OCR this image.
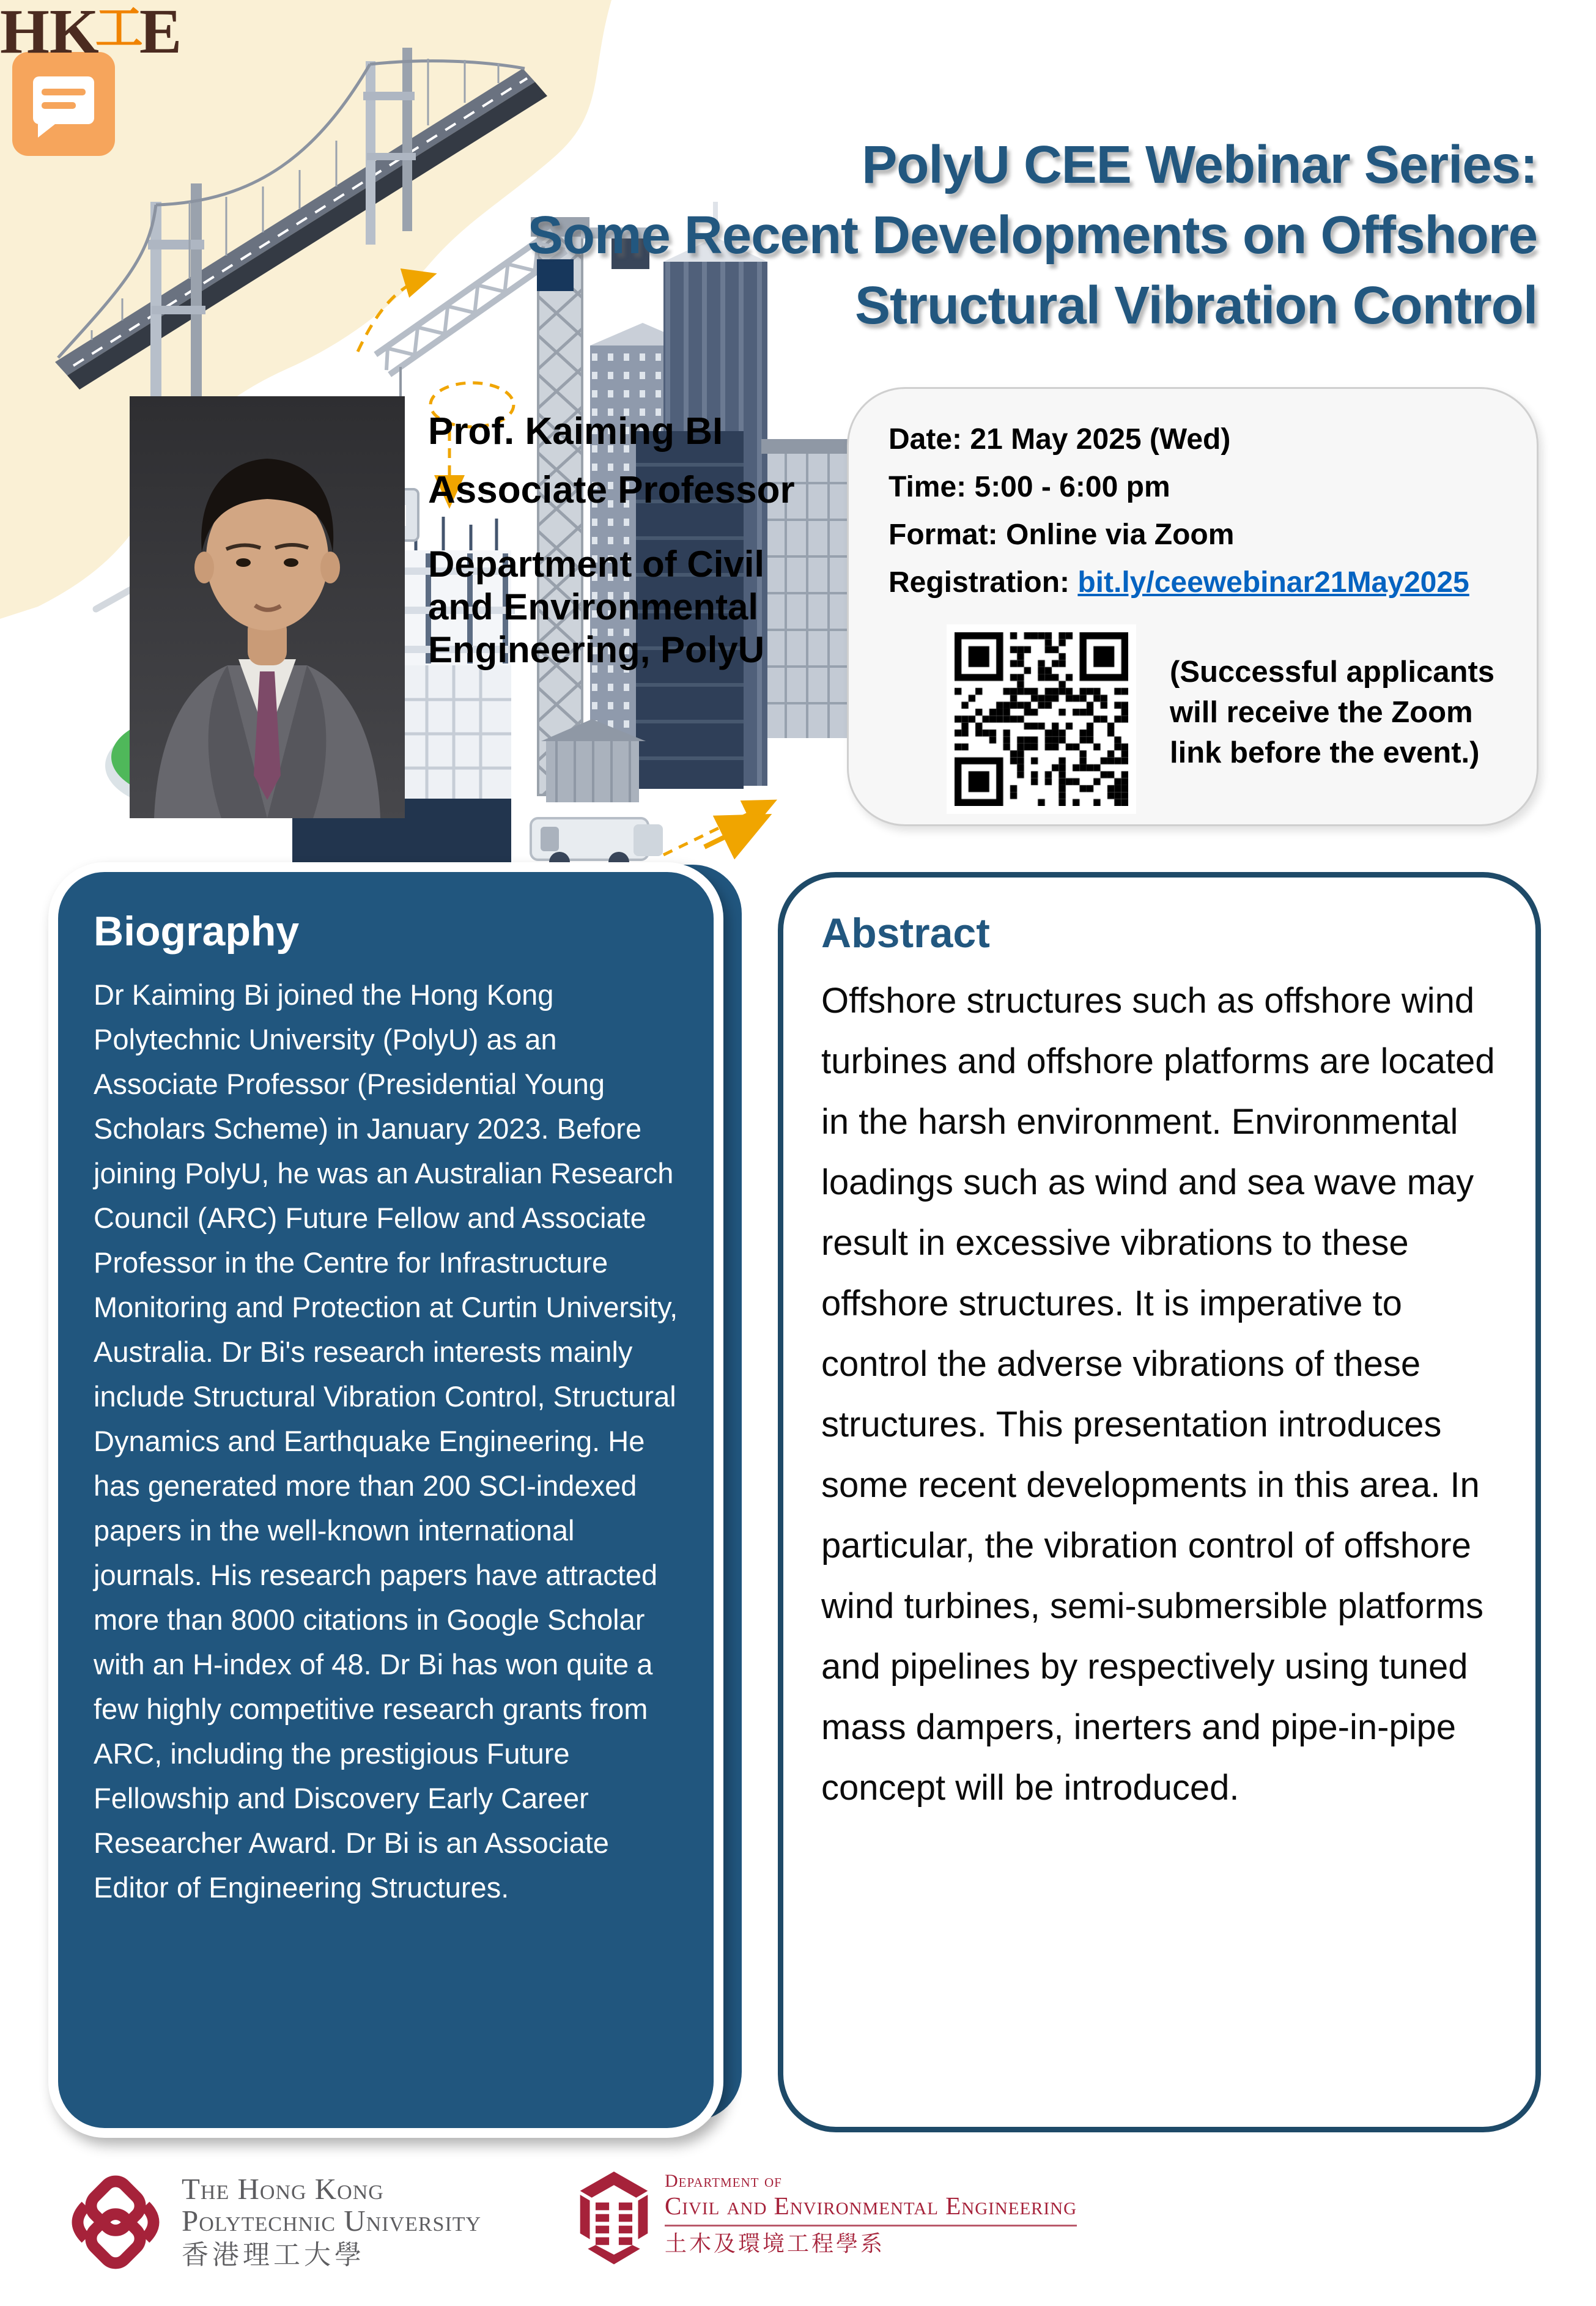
PolyU CEE Webinar Series:
Some Recent Developments on Offshore
Structural Vibration Control
Prof. Kaiming BI
Associate Professor
Department of Civil and Environmental Engineering, PolyU
Date: 21 May 2025 (Wed)
Time: 5:00 - 6:00 pm
Format: Online via Zoom
Registration: bit.ly/ceewebinar21May2025
(Successful applicants will receive the Zoom link before the event.)
Biography
Dr Kaiming Bi joined the Hong Kong Polytechnic University (PolyU) as an Associate Professor (Presidential Young Scholars Scheme) in January 2023. Before joining PolyU, he was an Australian Research Council (ARC) Future Fellow and Associate Professor in the Centre for Infrastructure Monitoring and Protection at Curtin University, Australia. Dr Bi's research interests mainly include Structural Vibration Control, Structural Dynamics and Earthquake Engineering. He has generated more than 200 SCI-indexed papers in the well-known international journals. His research papers have attracted more than 8000 citations in Google Scholar with an H-index of 48. Dr Bi has won quite a few highly competitive research grants from ARC, including the prestigious Future Fellowship and Discovery Early Career Researcher Award. Dr Bi is an Associate Editor of Engineering Structures.
Abstract
Offshore structures such as offshore wind turbines and offshore platforms are located in the harsh environment. Environmental loadings such as wind and sea wave may result in excessive vibrations to these offshore structures. It is imperative to control the adverse vibrations of these structures. This presentation introduces some recent developments in this area. In particular, the vibration control of offshore wind turbines, semi-submersible platforms and pipelines by respectively using tuned mass dampers, inerters and pipe-in-pipe concept will be introduced.
The Hong Kong
Polytechnic University
香港理工大學
Department of
Civil and Environmental Engineering
土木及環境工程學系
HK工E
